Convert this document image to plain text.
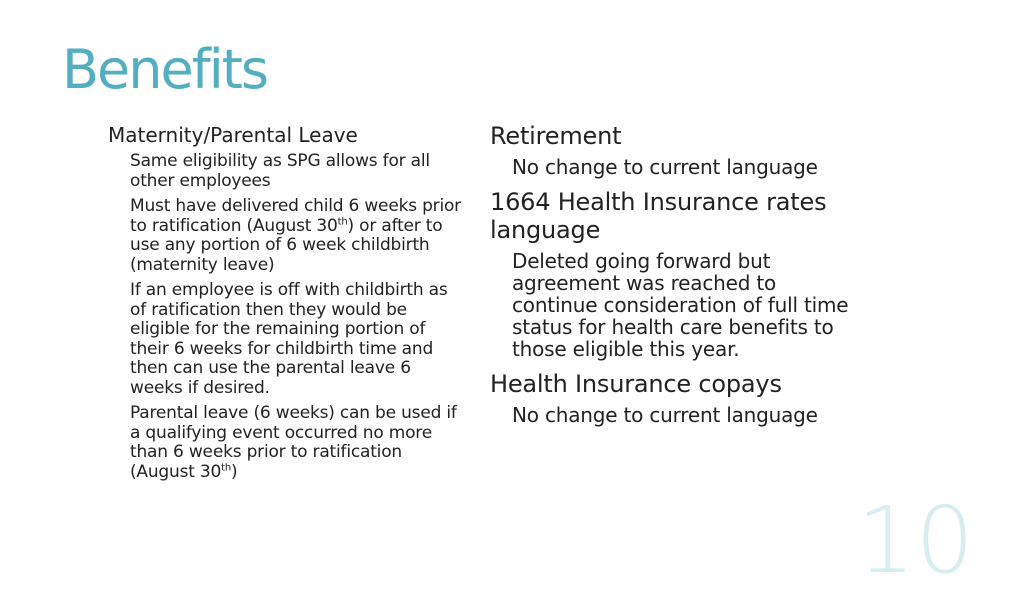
Benefits
Maternity/Parental Leave
Same eligibility as SPG allows for all other employees
Must have delivered child 6 weeks prior to ratification (August 30th) or after to use any portion of 6 week childbirth (maternity leave)
If an employee is off with childbirth as of ratification then they would be eligible for the remaining portion of their 6 weeks for childbirth time and then can use the parental leave 6 weeks if desired.
Parental leave (6 weeks) can be used if a qualifying event occurred no more than 6 weeks prior to ratification (August 30th)
Retirement
No change to current language
1664 Health Insurance rates language
Deleted going forward but agreement was reached to continue consideration of full time status for health care benefits to those eligible this year.
Health Insurance copays
No change to current language
10
